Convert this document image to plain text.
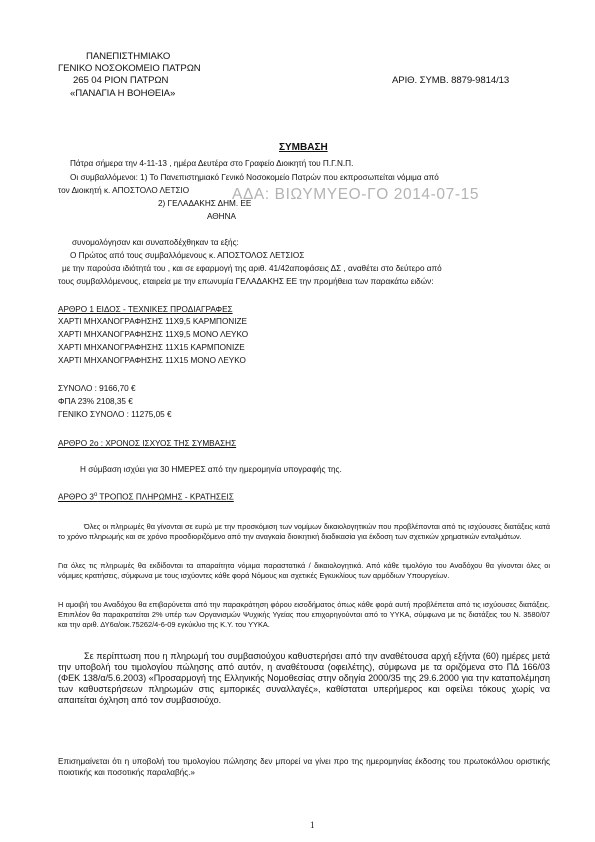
ΠΑΝΕΠΙΣΤΗΜΙΑΚΟ
ΓΕΝΙΚΟ ΝΟΣΟΚΟΜΕΙΟ ΠΑΤΡΩΝ
265 04 ΡΙΟΝ ΠΑΤΡΩΝ
«ΠΑΝΑΓΙΑ Η ΒΟΗΘΕΙΑ»
ΑΡΙΘ. ΣΥΜΒ. 8879-9814/13
ΣΥΜΒΑΣΗ
ΑΔΑ: ΒΙΩΥΜΥΕΟ-ΓΟ 2014-07-15
Πάτρα σήμερα την 4-11-13 , ημέρα Δευτέρα στο Γραφείο Διοικητή του Π.Γ.Ν.Π.
Οι συμβαλλόμενοι: 1) Το Πανεπιστημιακό Γενικό Νοσοκομείο Πατρών που εκπροσωπείται νόμιμα από
τον Διοικητή κ. ΑΠΟΣΤΟΛΟ ΛΕΤΣΙΟ
2) ΓΕΛΑΔΑΚΗΣ ΔΗΜ. ΕΕ
ΑΘΗΝΑ
συνομολόγησαν και συναποδέχθηκαν τα εξής:
Ο Πρώτος από τους συμβαλλόμενους κ. ΑΠΟΣΤΟΛΟΣ ΛΕΤΣΙΟΣ
με την παρούσα ιδιότητά του , και σε εφαρμογή της αριθ. 41/42αποφάσεις ΔΣ , αναθέτει στο δεύτερο από
τους συμβαλλόμενους, εταιρεία με την επωνυμία ΓΕΛΑΔΑΚΗΣ ΕΕ την προμήθεια των παρακάτω ειδών:
ΑΡΘΡΟ 1 ΕΙΔΟΣ - ΤΕΧΝΙΚΕΣ ΠΡΟΔΙΑΓΡΑΦΕΣ
ΧΑΡΤΙ ΜΗΧΑΝΟΓΡΑΦΗΣΗΣ 11Χ9,5 ΚΑΡΜΠΟΝΙΖΕ
ΧΑΡΤΙ ΜΗΧΑΝΟΓΡΑΦΗΣΗΣ 11Χ9,5 ΜΟΝΟ ΛΕΥΚΟ
ΧΑΡΤΙ ΜΗΧΑΝΟΓΡΑΦΗΣΗΣ 11Χ15 ΚΑΡΜΠΟΝΙΖΕ
ΧΑΡΤΙ ΜΗΧΑΝΟΓΡΑΦΗΣΗΣ 11Χ15 ΜΟΝΟ ΛΕΥΚΟ
ΣΥΝΟΛΟ : 9166,70 €
ΦΠΑ 23% 2108,35 €
ΓΕΝΙΚΟ ΣΥΝΟΛΟ : 11275,05 €
ΑΡΘΡΟ 2ο : ΧΡΟΝΟΣ ΙΣΧΥΟΣ ΤΗΣ ΣΥΜΒΑΣΗΣ
Η σύμβαση ισχύει για 30 ΗΜΕΡΕΣ από την ημερομηνία υπογραφής της.
ΑΡΘΡΟ $3^o$ ΤΡΟΠΟΣ ΠΛΗΡΩΜΗΣ - ΚΡΑΤΗΣΕΙΣ
Όλες οι πληρωμές θα γίνονται σε ευρώ με την προσκόμιση των νομίμων δικαιολογητικών που προβλέπονται από τις ισχύουσες διατάξεις κατά το χρόνο πληρωμής και σε χρόνο προσδιοριζόμενο από την αναγκαία διοικητική διαδικασία για έκδοση των σχετικών χρηματικών ενταλμάτων.
Για όλες τις πληρωμές θα εκδίδονται τα απαραίτητα νόμιμα παραστατικά / δικαιολογητικά. Από κάθε τιμολόγιο του Αναδόχου θα γίνονται όλες οι νόμιμες κρατήσεις, σύμφωνα με τους ισχύοντες κάθε φορά Νόμους και σχετικές Εγκυκλίους των αρμόδιων Υπουργείων.
Η αμοιβή του Αναδόχου θα επιβαρύνεται από την παρακράτηση φόρου εισοδήματος όπως κάθε φορά αυτή προβλέπεται από τις ισχύουσες διατάξεις. Επιπλέον θα παρακρατείται 2% υπέρ των Οργανισμών Ψυχικής Υγείας που επιχορηγούνται από το ΥΥΚΑ, σύμφωνα με τις διατάξεις του Ν. 3580/07 και την αριθ. ΔΥ6α/οικ.75262/4-6-09 εγκύκλιο της Κ.Υ. του ΥΥΚΑ.
Σε περίπτωση που η πληρωμή του συμβασιούχου καθυστερήσει από την αναθέτουσα αρχή εξήντα (60) ημέρες μετά την υποβολή του τιμολογίου πώλησης από αυτόν, η αναθέτουσα (οφειλέτης), σύμφωνα με τα οριζόμενα στο ΠΔ 166/03 (ΦΕΚ 138/α/5.6.2003) «Προσαρμογή της Ελληνικής Νομοθεσίας στην οδηγία 2000/35 της 29.6.2000 για την καταπολέμηση των καθυστερήσεων πληρωμών στις εμπορικές συναλλαγές», καθίσταται υπερήμερος και οφείλει τόκους χωρίς να απαιτείται όχληση από τον συμβασιούχο.
Επισημαίνεται ότι η υποβολή του τιμολογίου πώλησης δεν μπορεί να γίνει προ της ημερομηνίας έκδοσης του πρωτοκόλλου οριστικής ποιοτικής και ποσοτικής παραλαβής.»
1
